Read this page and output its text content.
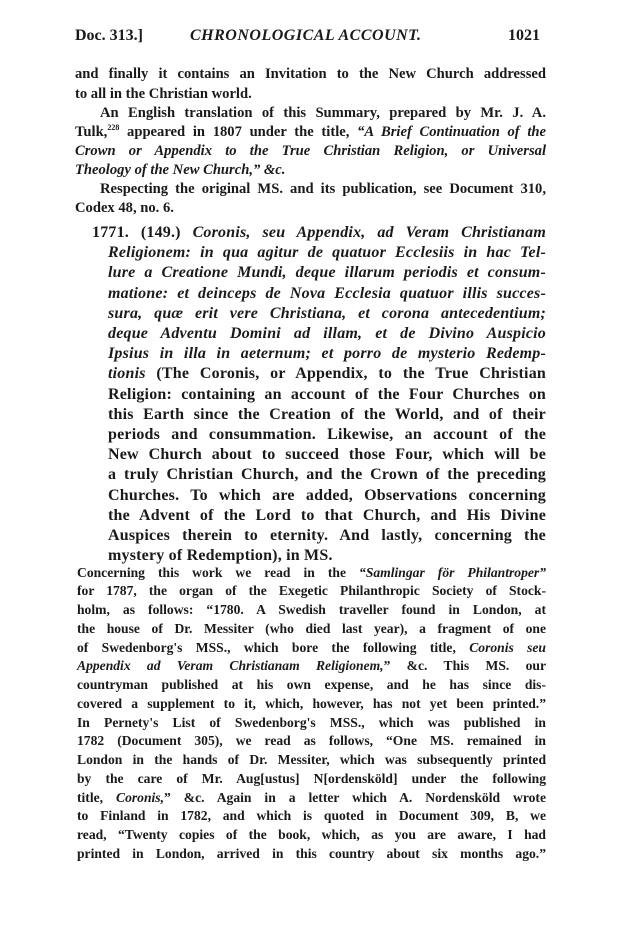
Doc. 313.]	CHRONOLOGICAL ACCOUNT.	1021
and finally it contains an Invitation to the New Church addressed
to all in the Christian world.
An English translation of this Summary, prepared by Mr. J. A.
Tulk,$^{228}$ appeared in 1807 under the title, “A Brief Continuation of the
Crown or Appendix to the True Christian Religion, or Universal
Theology of the New Church,” &c.
Respecting the original MS. and its publication, see Document 310,
Codex 48, no. 6.
1771. (149.) Coronis, seu Appendix, ad Veram Christianam
Religionem: in qua agitur de quatuor Ecclesiis in hac Tel-
lure a Creatione Mundi, deque illarum periodis et consum-
matione: et deinceps de Nova Ecclesia quatuor illis succes-
sura, quæ erit vere Christiana, et corona antecedentium;
deque Adventu Domini ad illam, et de Divino Auspicio
Ipsius in illa in aeternum; et porro de mysterio Redemp-
tionis (The Coronis, or Appendix, to the True Christian
Religion: containing an account of the Four Churches on
this Earth since the Creation of the World, and of their
periods and consummation. Likewise, an account of the
New Church about to succeed those Four, which will be
a truly Christian Church, and the Crown of the preceding
Churches. To which are added, Observations concerning
the Advent of the Lord to that Church, and His Divine
Auspices therein to eternity. And lastly, concerning the
mystery of Redemption), in MS.
Concerning this work we read in the “Samlingar för Philantroper”
for 1787, the organ of the Exegetic Philanthropic Society of Stock-
holm, as follows: “1780. A Swedish traveller found in London, at
the house of Dr. Messiter (who died last year), a fragment of one
of Swedenborg's MSS., which bore the following title, Coronis seu
Appendix ad Veram Christianam Religionem,” &c. This MS. our
countryman published at his own expense, and he has since dis-
covered a supplement to it, which, however, has not yet been printed.”
In Pernety's List of Swedenborg's MSS., which was published in
1782 (Document 305), we read as follows, “One MS. remained in
London in the hands of Dr. Messiter, which was subsequently printed
by the care of Mr. Aug[ustus] N[ordensköld] under the following
title, Coronis,” &c. Again in a letter which A. Nordensköld wrote
to Finland in 1782, and which is quoted in Document 309, B, we
read, “Twenty copies of the book, which, as you are aware, I had
printed in London, arrived in this country about six months ago.”
